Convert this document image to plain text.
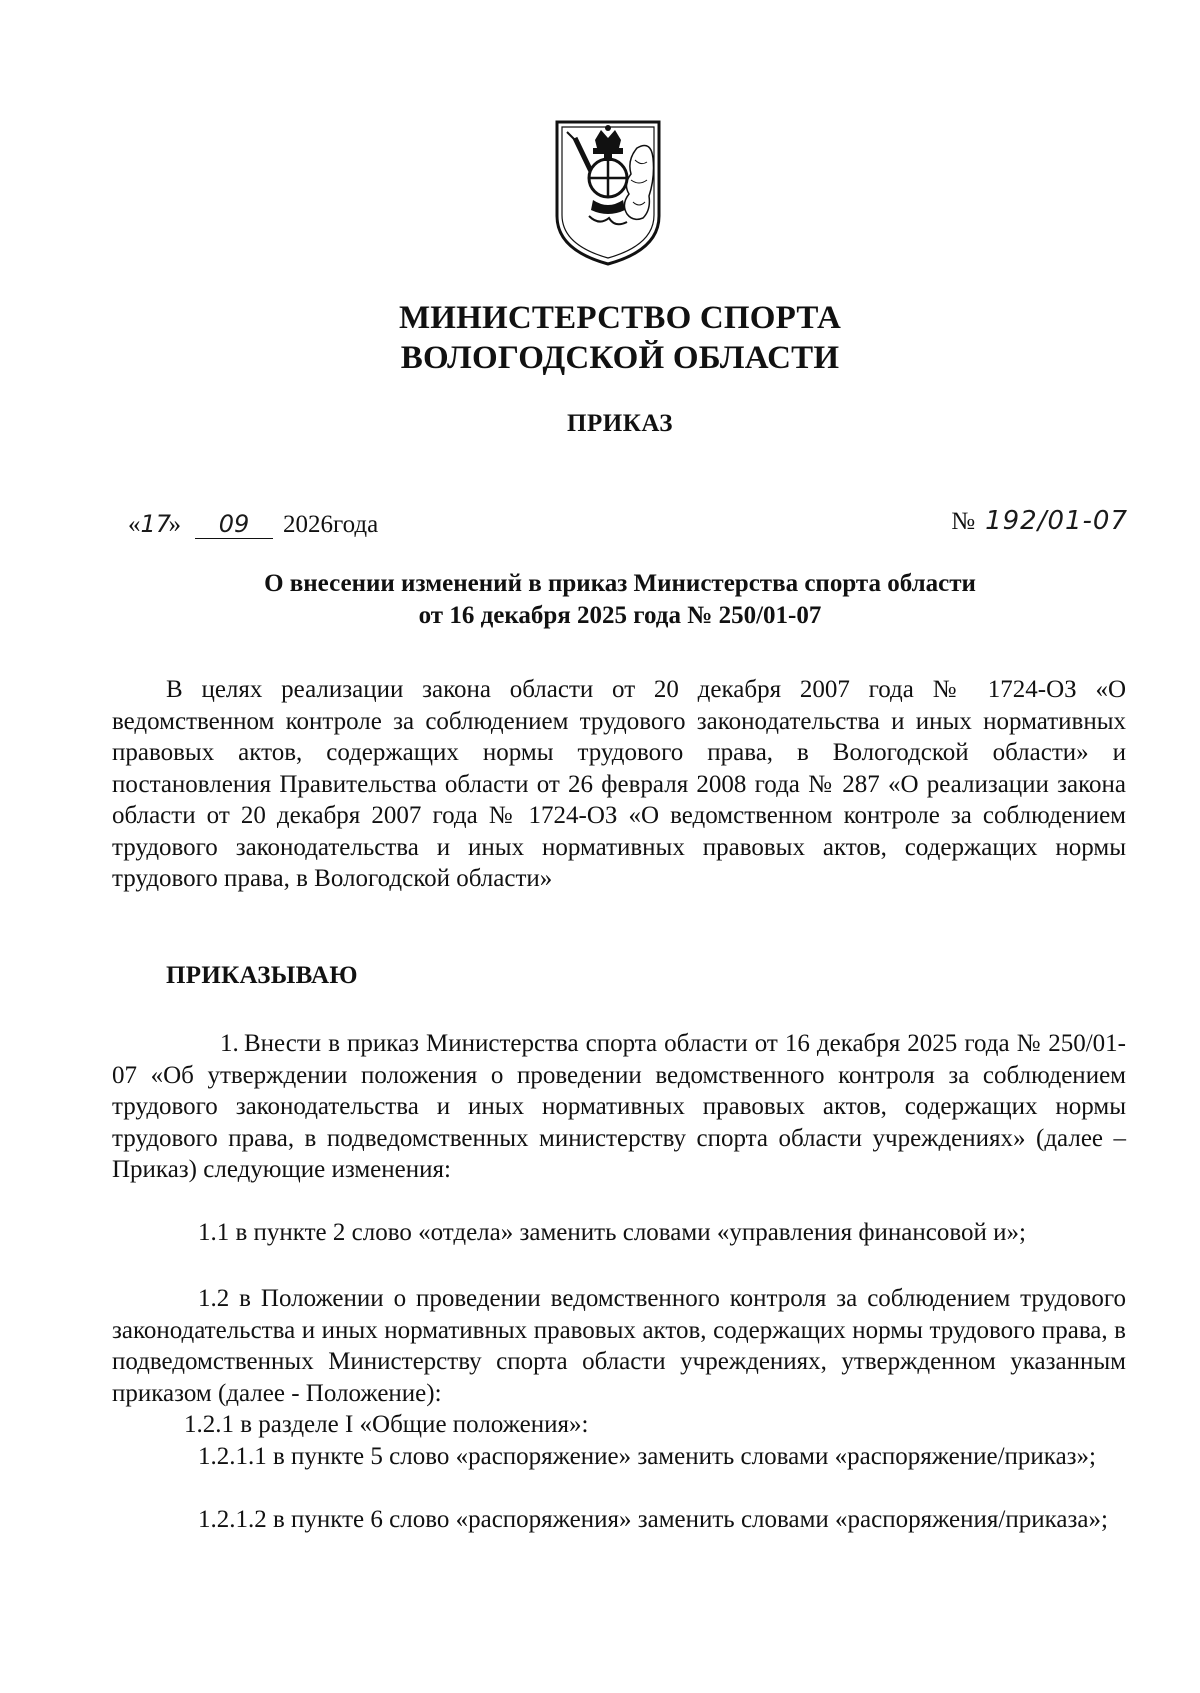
МИНИСТЕРСТВО СПОРТА
ВОЛОГОДСКОЙ ОБЛАСТИ
ПРИКАЗ
«17» 09 2026года	№ 192/01-07
О внесении изменений в приказ Министерства спорта области
от 16 декабря 2025 года № 250/01-07
В целях реализации закона области от 20 декабря 2007 года № 1724-ОЗ «О ведомственном контроле за соблюдением трудового законодательства и иных нормативных правовых актов, содержащих нормы трудового права, в Вологодской области» и постановления Правительства области от 26 февраля 2008 года № 287 «О реализации закона области от 20 декабря 2007 года № 1724-ОЗ «О ведомственном контроле за соблюдением трудового законодательства и иных нормативных правовых актов, содержащих нормы трудового права, в Вологодской области»
ПРИКАЗЫВАЮ
1. Внести в приказ Министерства спорта области от 16 декабря 2025 года № 250/01-07 «Об утверждении положения о проведении ведомственного контроля за соблюдением трудового законодательства и иных нормативных правовых актов, содержащих нормы трудового права, в подведомственных министерству спорта области учреждениях» (далее – Приказ) следующие изменения:
1.1 в пункте 2 слово «отдела» заменить словами «управления финансовой и»;
1.2 в Положении о проведении ведомственного контроля за соблюдением трудового законодательства и иных нормативных правовых актов, содержащих нормы трудового права, в подведомственных Министерству спорта области учреждениях, утвержденном указанным приказом (далее - Положение):
1.2.1 в разделе I «Общие положения»:
1.2.1.1 в пункте 5 слово «распоряжение» заменить словами «распоряжение/приказ»;
1.2.1.2 в пункте 6 слово «распоряжения» заменить словами «распоряжения/приказа»;
